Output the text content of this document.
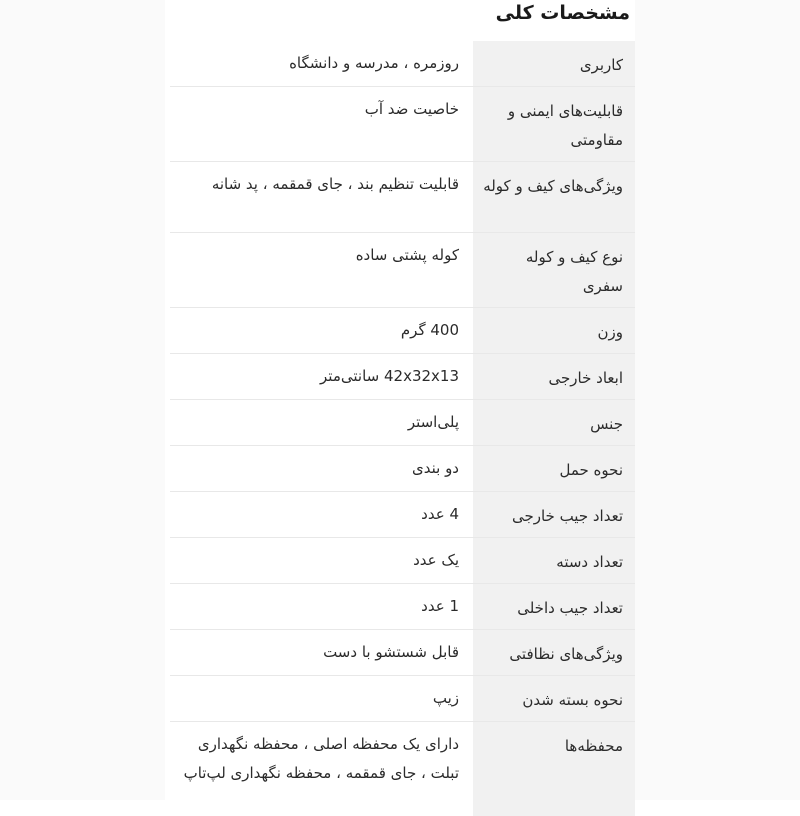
مشخصات کلی
کاربری	روزمره ، مدرسه و دانشگاه
قابلیت‌های ایمنی و مقاومتی	خاصیت ضد آب
ویژگی‌های کیف و کوله	قابلیت تنظیم بند ، جای قمقمه ، پد شانه
نوع کیف و کوله سفری	کوله پشتی ساده
وزن	400 گرم
ابعاد خارجی	42x32x13 سانتی‌متر
جنس	پلی‌استر
نحوه حمل	دو بندی
تعداد جیب خارجی	4 عدد
تعداد دسته	یک عدد
تعداد جیب داخلی	1 عدد
ویژگی‌های نظافتی	قابل شستشو با دست
نحوه بسته شدن	زیپ
محفظه‌ها	دارای یک محفظه اصلی ، محفظه نگهداری تبلت ، جای قمقمه ، محفظه نگهداری لپ‌تاپ
